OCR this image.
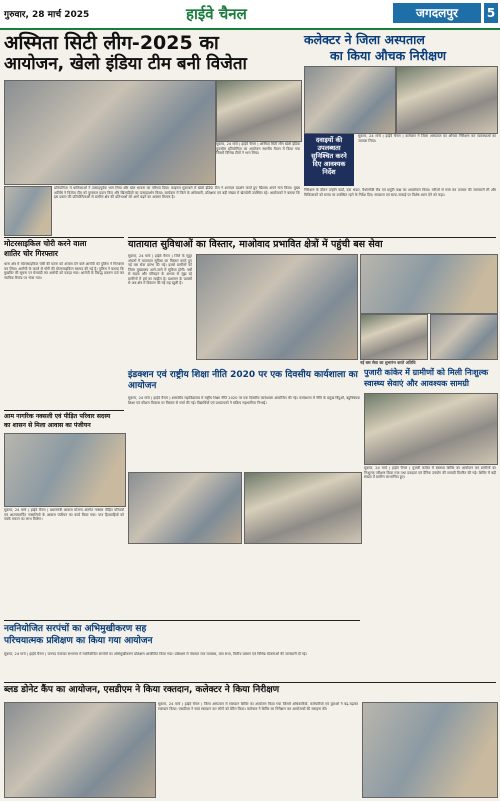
गुरुवार, 28 मार्च 2025	हाईवे चैनल	जगदलपुर	5
अस्मिता सिटी लीग-2025 का
आयोजन, खेलो इंडिया टीम बनी विजेता
सुकमा, 24 मार्च ( हाईवे चैनल ) अस्मिता सिटी लीग खेलो इंडिया फुटबॉल प्रतियोगिता का आयोजन स्थानीय मैदान में किया गया जिसमें विभिन्न टीमों ने भाग लिया।
प्रतियोगिता में बालिकाओं ने उत्साहपूर्वक भाग लिया और खेल भावना का परिचय दिया। फाइनल मुकाबले में खेलो इंडिया टीम ने शानदार प्रदर्शन करते हुए खिताब अपने नाम किया। मुख्य अतिथि ने विजेता टीम को पुरस्कार प्रदान किए और खिलाड़ियों का उत्साहवर्धन किया। कार्यक्रम में जिले के अधिकारी, प्रशिक्षक एवं बड़ी संख्या में खेलप्रेमी उपस्थित रहे। आयोजकों ने बताया कि इस प्रकार की प्रतियोगिताओं से ग्रामीण क्षेत्र की प्रतिभाओं को आगे बढ़ने का अवसर मिलता है।
कलेक्टर ने जिला अस्पताल
का किया औचक निरीक्षण
दवाइयों की उपलब्धता सुनिश्चित करने दिए आवश्यक निर्देश
सुकमा, 24 मार्च ( हाईवे चैनल ) कलेक्टर ने जिला अस्पताल का औचक निरीक्षण कर व्यवस्थाओं का जायजा लिया।
निरीक्षण के दौरान उन्होंने वार्डों, दवा भंडार, पैथोलॉजी लैब एवं प्रसूति कक्ष का अवलोकन किया। मरीजों से चर्चा कर उपचार की जानकारी ली और चिकित्सकों को समय पर उपस्थित रहने के निर्देश दिए। स्वच्छता एवं साफ-सफाई पर विशेष ध्यान देने को कहा।
मोटरसाइकिल चोरी करने वाला
शातिर चोर गिरफ्तार
थाना क्षेत्र में मोटरसाइकिल चोरी की घटना को अंजाम देने वाले आरोपी को पुलिस ने गिरफ्तार कर लिया। आरोपी के कब्जे से चोरी की मोटरसाइकिल बरामद की गई है। पुलिस ने बताया कि मुखबिर की सूचना पर घेराबंदी कर आरोपी को पकड़ा गया। आरोपी के विरुद्ध प्रकरण दर्ज कर न्यायिक रिमांड पर भेजा गया।
यातायात सुविधाओं का विस्तार, माओवाद प्रभावित क्षेत्रों में पहुंची बस सेवा
सुकमा, 24 मार्च ( हाईवे चैनल ) जिले के सुदूर अंचलों में यातायात सुविधा का विस्तार करते हुए नई बस सेवा प्रारंभ की गई। इससे ग्रामीणों को जिला मुख्यालय आने-जाने में सुविधा होगी। वर्षों से सड़क और परिवहन के अभाव से जूझ रहे ग्रामीणों में हर्ष का माहौल है। प्रशासन के प्रयासों से अब क्षेत्र में विकास की नई राह खुली है।
नई बस सेवा का शुभारंभ करते अतिथि
इंडक्शन एवं राष्ट्रीय शिक्षा नीति 2020 पर एक दिवसीय कार्यशाला का आयोजन
सुकमा, 24 मार्च ( हाईवे चैनल ) शासकीय महाविद्यालय में राष्ट्रीय शिक्षा नीति 2020 पर एक दिवसीय कार्यशाला आयोजित की गई। कार्यशाला में नीति के प्रमुख बिंदुओं, बहुविषयक शिक्षा एवं कौशल विकास पर विस्तार से चर्चा की गई। विद्यार्थियों एवं प्राध्यापकों ने सक्रिय सहभागिता निभाई।
पुजारी कांकेर में ग्रामीणों को मिली निःशुल्क
स्वास्थ्य सेवाएं और आवश्यक सामग्री
सुकमा, 24 मार्च ( हाईवे चैनल ) पुजारी कांकेर में स्वास्थ्य शिविर का आयोजन कर ग्रामीणों का निःशुल्क परीक्षण किया गया तथा दवाइयां एवं दैनिक उपयोग की सामग्री वितरित की गई। शिविर में बड़ी संख्या में ग्रामीण लाभान्वित हुए।
आम नागरिक नक्सली एवं पीड़ित परिवार सदस्य
का शासन से मिला आवास का पंजीयन
सुकमा, 24 मार्च ( हाईवे चैनल ) प्रधानमंत्री आवास योजना अंतर्गत नक्सल पीड़ित परिवारों एवं आत्मसमर्पित नक्सलियों के आवास पंजीयन का कार्य किया गया। पात्र हितग्राहियों को पक्के मकान का लाभ मिलेगा।
नवनियोजित सरपंचों का अभिमुखीकरण सह
परिचयात्मक प्रशिक्षण का किया गया आयोजन
सुकमा, 24 मार्च ( हाईवे चैनल ) जनपद पंचायत सभागार में नवनिर्वाचित सरपंचों का अभिमुखीकरण प्रशिक्षण आयोजित किया गया। प्रशिक्षण में पंचायत राज व्यवस्था, ग्राम सभा, वित्तीय प्रबंधन एवं विभिन्न योजनाओं की जानकारी दी गई।
ब्लड डोनेट कैंप का आयोजन, एसडीएम ने किया रक्तदान, कलेक्टर ने किया निरीक्षण
सुकमा, 24 मार्च ( हाईवे चैनल ) जिला अस्पताल में रक्तदान शिविर का आयोजन किया गया जिसमें अधिकारियों, कर्मचारियों एवं युवाओं ने बढ़-चढ़कर रक्तदान किया। एसडीएम ने स्वयं रक्तदान कर लोगों को प्रेरित किया। कलेक्टर ने शिविर का निरीक्षण कर आयोजकों की सराहना की।
